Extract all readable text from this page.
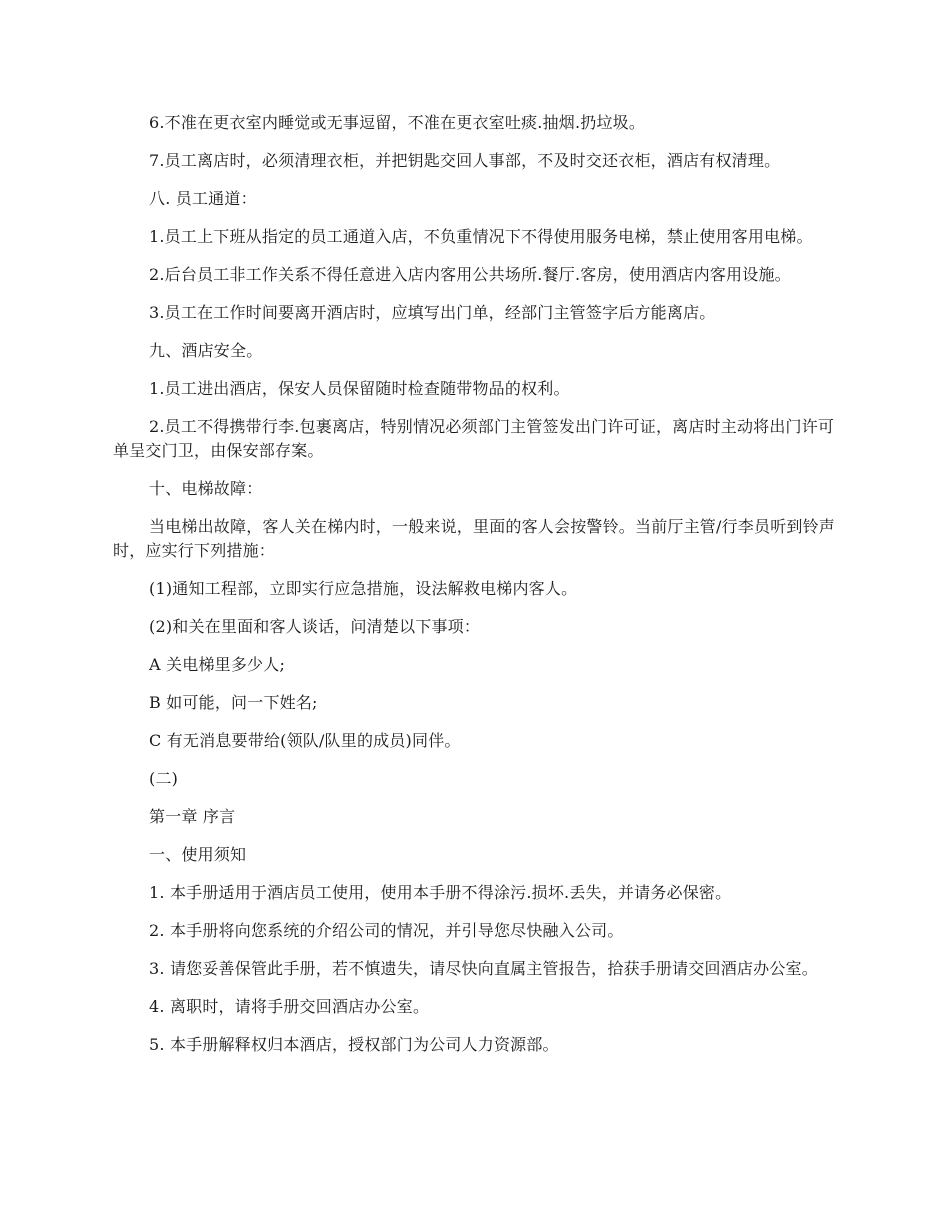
6.不准在更衣室内睡觉或无事逗留，不准在更衣室吐痰.抽烟.扔垃圾。

7.员工离店时，必须清理衣柜，并把钥匙交回人事部，不及时交还衣柜，酒店有权清理。

八. 员工通道：

1.员工上下班从指定的员工通道入店，不负重情况下不得使用服务电梯，禁止使用客用电梯。

2.后台员工非工作关系不得任意进入店内客用公共场所.餐厅.客房，使用酒店内客用设施。

3.员工在工作时间要离开酒店时，应填写出门单，经部门主管签字后方能离店。

九、酒店安全。

1.员工进出酒店，保安人员保留随时检查随带物品的权利。

2.员工不得携带行李.包裹离店，特别情况必须部门主管签发出门许可证，离店时主动将出门许可单呈交门卫，由保安部存案。

十、电梯故障：

当电梯出故障，客人关在梯内时，一般来说，里面的客人会按警铃。当前厅主管/行李员听到铃声时，应实行下列措施：

(1)通知工程部，立即实行应急措施，设法解救电梯内客人。

(2)和关在里面和客人谈话，问清楚以下事项：

A 关电梯里多少人;

B 如可能，问一下姓名;

C 有无消息要带给(领队/队里的成员)同伴。

(二)

第一章 序言

一、使用须知

1. 本手册适用于酒店员工使用，使用本手册不得涂污.损坏.丢失，并请务必保密。

2. 本手册将向您系统的介绍公司的情况，并引导您尽快融入公司。

3. 请您妥善保管此手册，若不慎遗失，请尽快向直属主管报告，拾获手册请交回酒店办公室。

4. 离职时，请将手册交回酒店办公室。

5. 本手册解释权归本酒店，授权部门为公司人力资源部。
